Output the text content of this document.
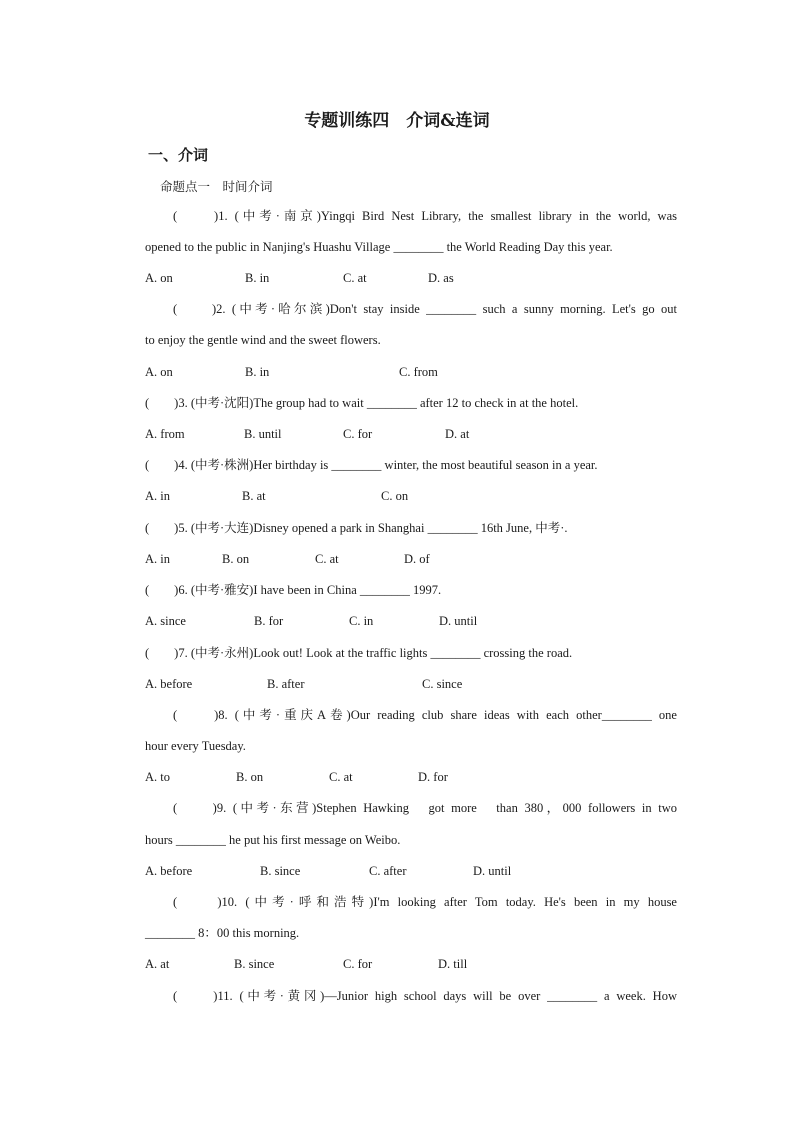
专题训练四　介词&连词
一、介词
命题点一　时间介词
(　　)1. (中考·南京)Yingqi Bird Nest Library, the smallest library in the world, was
opened to the public in Nanjing's Huashu Village ________ the World Reading Day this year.
A. on	B. in	C. at	D. as
(　　)2. (中考·哈尔滨)Don't stay inside ________ such a sunny morning. Let's go out
to enjoy the gentle wind and the sweet flowers.
A. on	B. in	C. from
(　　)3. (中考·沈阳)The group had to wait ________ after 12 to check in at the hotel.
A. from	B. until	C. for	D. at
(　　)4. (中考·株洲)Her birthday is ________ winter, the most beautiful season in a year.
A. in	B. at	C. on
(　　)5. (中考·大连)Disney opened a park in Shanghai ________ 16th June, 中考·.
A. in	B. on	C. at	D. of
(　　)6. (中考·雅安)I have been in China ________ 1997.
A. since	B. for	C. in	D. until
(　　)7. (中考·永州)Look out! Look at the traffic lights ________ crossing the road.
A. before	B. after	C. since
(　　)8. (中考·重庆A卷)Our reading club share ideas with each other________ one
hour every Tuesday.
A. to	B. on	C. at	D. for
(　　)9. (中考·东营)Stephen Hawking　got more　than 380，000 followers in two
hours ________ he put his first message on Weibo.
A. before	B. since	C. after	D. until
(　　)10. (中考·呼和浩特)I'm looking after Tom today. He's been in my house
________ 8：00 this morning.
A. at	B. since	C. for	D. till
(　　)11. (中考·黄冈)—Junior high school days will be over ________ a week. How
